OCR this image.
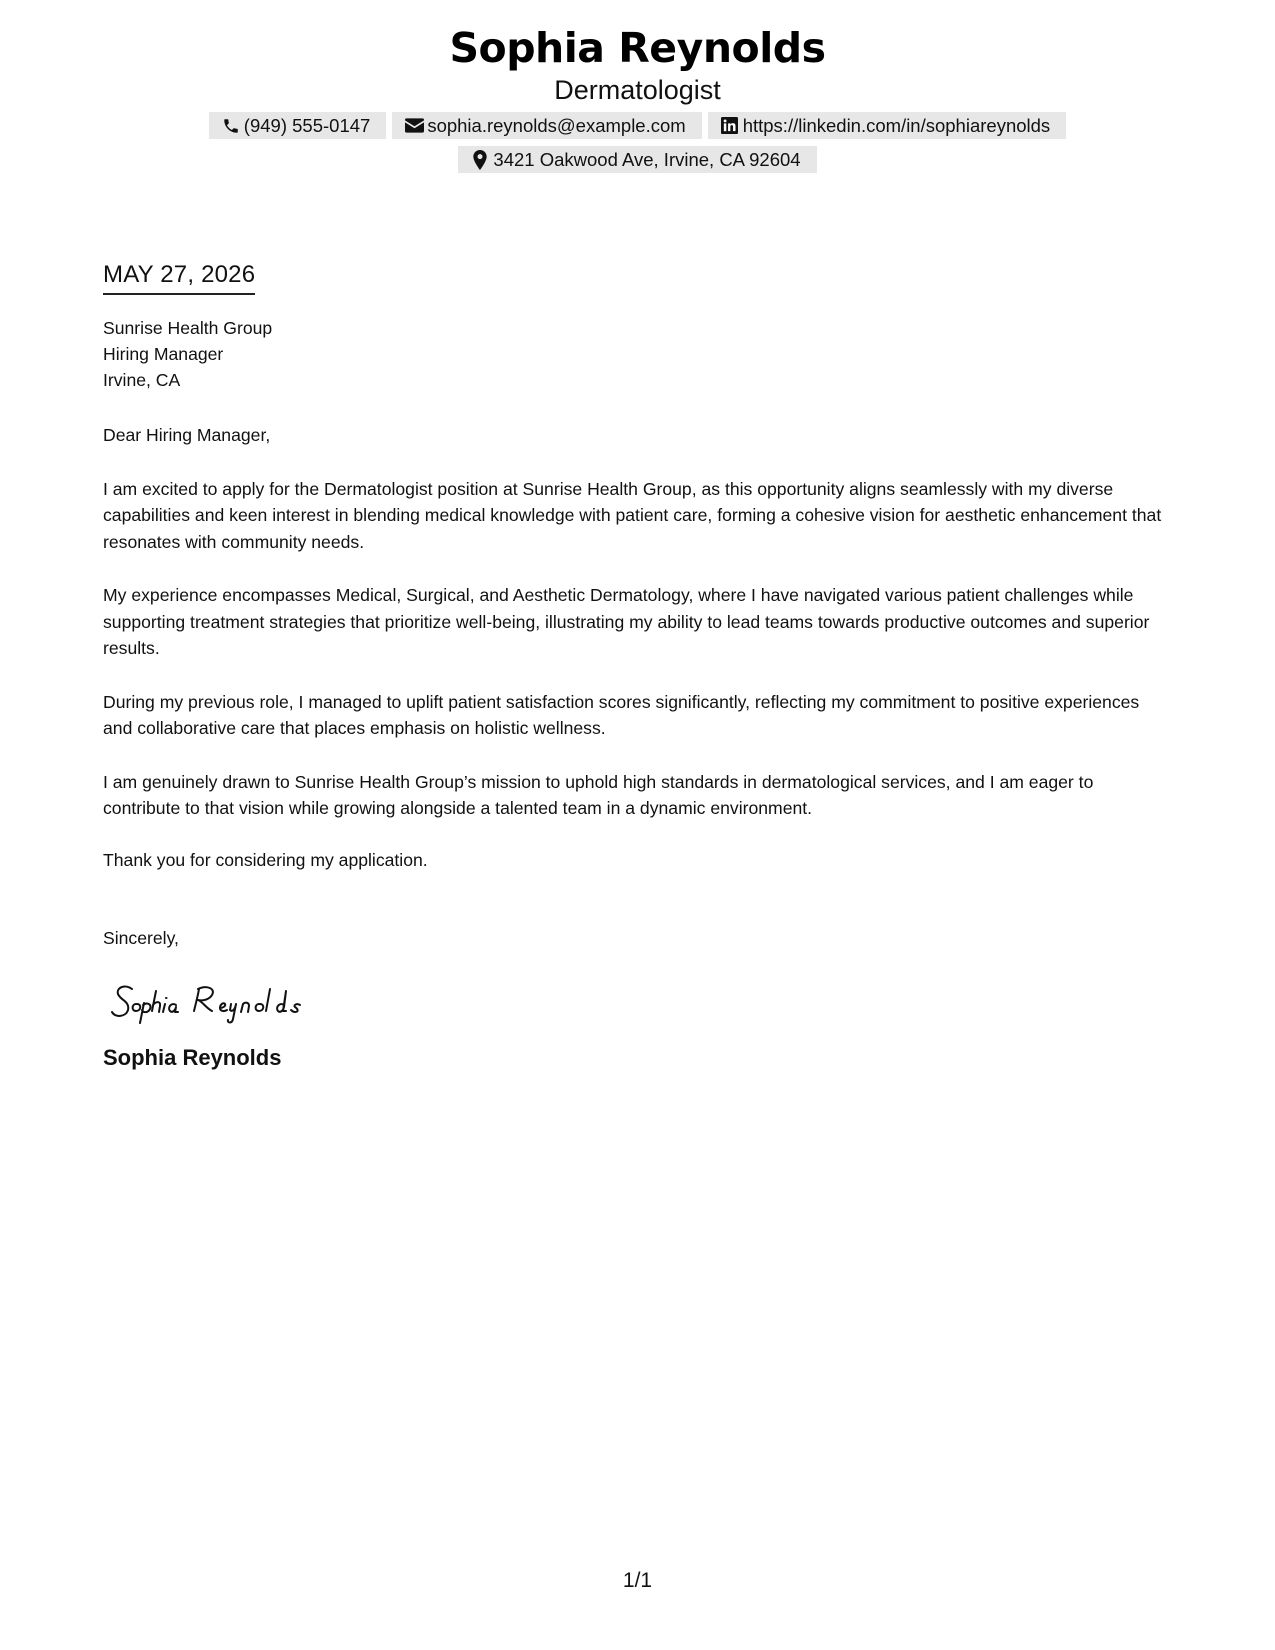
Sophia Reynolds
Dermatologist
(949) 555-0147	sophia.reynolds@example.com	https://linkedin.com/in/sophiareynolds
3421 Oakwood Ave, Irvine, CA 92604
MAY 27, 2026
Sunrise Health Group
Hiring Manager
Irvine, CA
Dear Hiring Manager,
I am excited to apply for the Dermatologist position at Sunrise Health Group, as this opportunity aligns seamlessly with my diverse capabilities and keen interest in blending medical knowledge with patient care, forming a cohesive vision for aesthetic enhancement that resonates with community needs.
My experience encompasses Medical, Surgical, and Aesthetic Dermatology, where I have navigated various patient challenges while supporting treatment strategies that prioritize well-being, illustrating my ability to lead teams towards productive outcomes and superior results.
During my previous role, I managed to uplift patient satisfaction scores significantly, reflecting my commitment to positive experiences and collaborative care that places emphasis on holistic wellness.
I am genuinely drawn to Sunrise Health Group’s mission to uphold high standards in dermatological services, and I am eager to contribute to that vision while growing alongside a talented team in a dynamic environment.
Thank you for considering my application.
Sincerely,
Sophia Reynolds
1/1
